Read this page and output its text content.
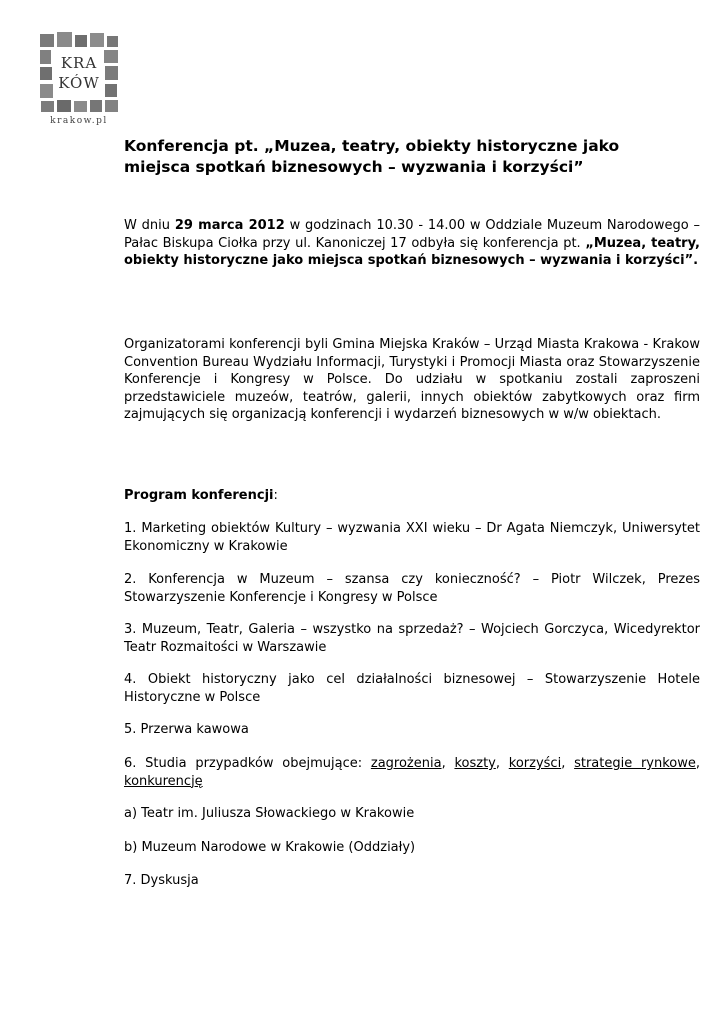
KRA
KÓW
krakow.pl
Konferencja pt. „Muzea, teatry, obiekty historyczne jako miejsca spotkań biznesowych – wyzwania i korzyści”

W dniu 29 marca 2012 w godzinach 10.30 - 14.00 w Oddziale Muzeum Narodowego – Pałac Biskupa Ciołka przy ul. Kanoniczej 17 odbyła się konferencja pt. „Muzea, teatry, obiekty historyczne jako miejsca spotkań biznesowych – wyzwania i korzyści”.

Organizatorami konferencji byli Gmina Miejska Kraków – Urząd Miasta Krakowa - Krakow Convention Bureau Wydziału Informacji, Turystyki i Promocji Miasta oraz Stowarzyszenie Konferencje i Kongresy w Polsce. Do udziału w spotkaniu zostali zaproszeni przedstawiciele muzeów, teatrów, galerii, innych obiektów zabytkowych oraz firm zajmujących się organizacją konferencji i wydarzeń biznesowych w w/w obiektach.

Program konferencji:

1. Marketing obiektów Kultury – wyzwania XXI wieku – Dr Agata Niemczyk, Uniwersytet Ekonomiczny w Krakowie

2. Konferencja w Muzeum – szansa czy konieczność? – Piotr Wilczek, Prezes Stowarzyszenie Konferencje i Kongresy w Polsce

3. Muzeum, Teatr, Galeria – wszystko na sprzedaż? – Wojciech Gorczyca, Wicedyrektor Teatr Rozmaitości w Warszawie

4. Obiekt historyczny jako cel działalności biznesowej – Stowarzyszenie Hotele Historyczne w Polsce

5. Przerwa kawowa

6. Studia przypadków obejmujące: zagrożenia, koszty, korzyści, strategie rynkowe, konkurencję

a) Teatr im. Juliusza Słowackiego w Krakowie

b) Muzeum Narodowe w Krakowie (Oddziały)

7. Dyskusja
